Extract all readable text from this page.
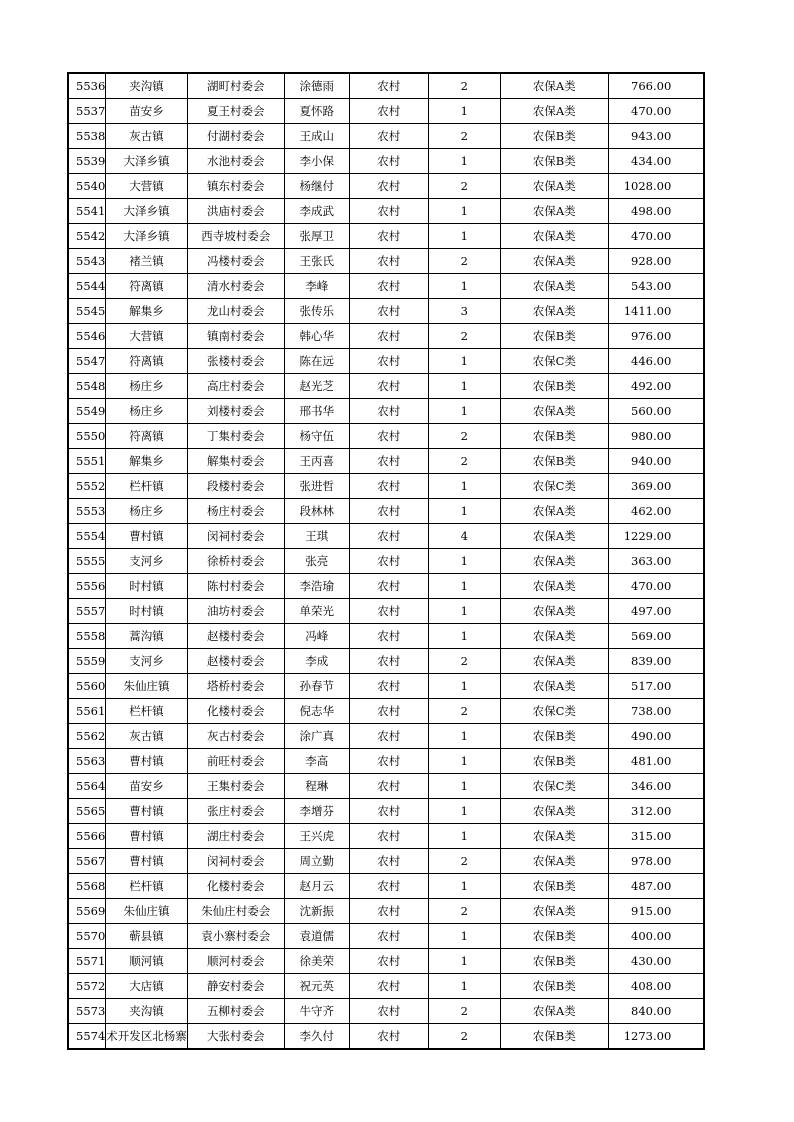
5536	夹沟镇	湖町村委会	涂德雨	农村	2	农保A类	766.00
5537	苗安乡	夏王村委会	夏怀路	农村	1	农保A类	470.00
5538	灰古镇	付湖村委会	王成山	农村	2	农保B类	943.00
5539	大泽乡镇	水池村委会	李小保	农村	1	农保B类	434.00
5540	大营镇	镇东村委会	杨继付	农村	2	农保A类	1028.00
5541	大泽乡镇	洪庙村委会	李成武	农村	1	农保A类	498.00
5542	大泽乡镇	西寺坡村委会	张厚卫	农村	1	农保A类	470.00
5543	褚兰镇	冯楼村委会	王张氏	农村	2	农保A类	928.00
5544	符离镇	清水村委会	李峰	农村	1	农保A类	543.00
5545	解集乡	龙山村委会	张传乐	农村	3	农保A类	1411.00
5546	大营镇	镇南村委会	韩心华	农村	2	农保B类	976.00
5547	符离镇	张楼村委会	陈在远	农村	1	农保C类	446.00
5548	杨庄乡	高庄村委会	赵光芝	农村	1	农保B类	492.00
5549	杨庄乡	刘楼村委会	邢书华	农村	1	农保A类	560.00
5550	符离镇	丁集村委会	杨守伍	农村	2	农保B类	980.00
5551	解集乡	解集村委会	王丙喜	农村	2	农保B类	940.00
5552	栏杆镇	段楼村委会	张进哲	农村	1	农保C类	369.00
5553	杨庄乡	杨庄村委会	段林林	农村	1	农保A类	462.00
5554	曹村镇	闵祠村委会	王琪	农村	4	农保A类	1229.00
5555	支河乡	徐桥村委会	张亮	农村	1	农保A类	363.00
5556	时村镇	陈村村委会	李浩瑜	农村	1	农保A类	470.00
5557	时村镇	油坊村委会	单荣光	农村	1	农保A类	497.00
5558	蒿沟镇	赵楼村委会	冯峰	农村	1	农保A类	569.00
5559	支河乡	赵楼村委会	李成	农村	2	农保A类	839.00
5560	朱仙庄镇	塔桥村委会	孙春节	农村	1	农保A类	517.00
5561	栏杆镇	化楼村委会	倪志华	农村	2	农保C类	738.00
5562	灰古镇	灰古村委会	涂广真	农村	1	农保B类	490.00
5563	曹村镇	前旺村委会	李高	农村	1	农保B类	481.00
5564	苗安乡	王集村委会	程琳	农村	1	农保C类	346.00
5565	曹村镇	张庄村委会	李增芬	农村	1	农保A类	312.00
5566	曹村镇	湖庄村委会	王兴虎	农村	1	农保A类	315.00
5567	曹村镇	闵祠村委会	周立勤	农村	2	农保A类	978.00
5568	栏杆镇	化楼村委会	赵月云	农村	1	农保B类	487.00
5569	朱仙庄镇	朱仙庄村委会	沈新振	农村	2	农保A类	915.00
5570	蕲县镇	袁小寨村委会	袁道儒	农村	1	农保B类	400.00
5571	顺河镇	顺河村委会	徐美荣	农村	1	农保B类	430.00
5572	大店镇	静安村委会	祝元英	农村	1	农保B类	408.00
5573	夹沟镇	五柳村委会	牛守齐	农村	2	农保A类	840.00
5574	术开发区北杨寨	大张村委会	李久付	农村	2	农保B类	1273.00
